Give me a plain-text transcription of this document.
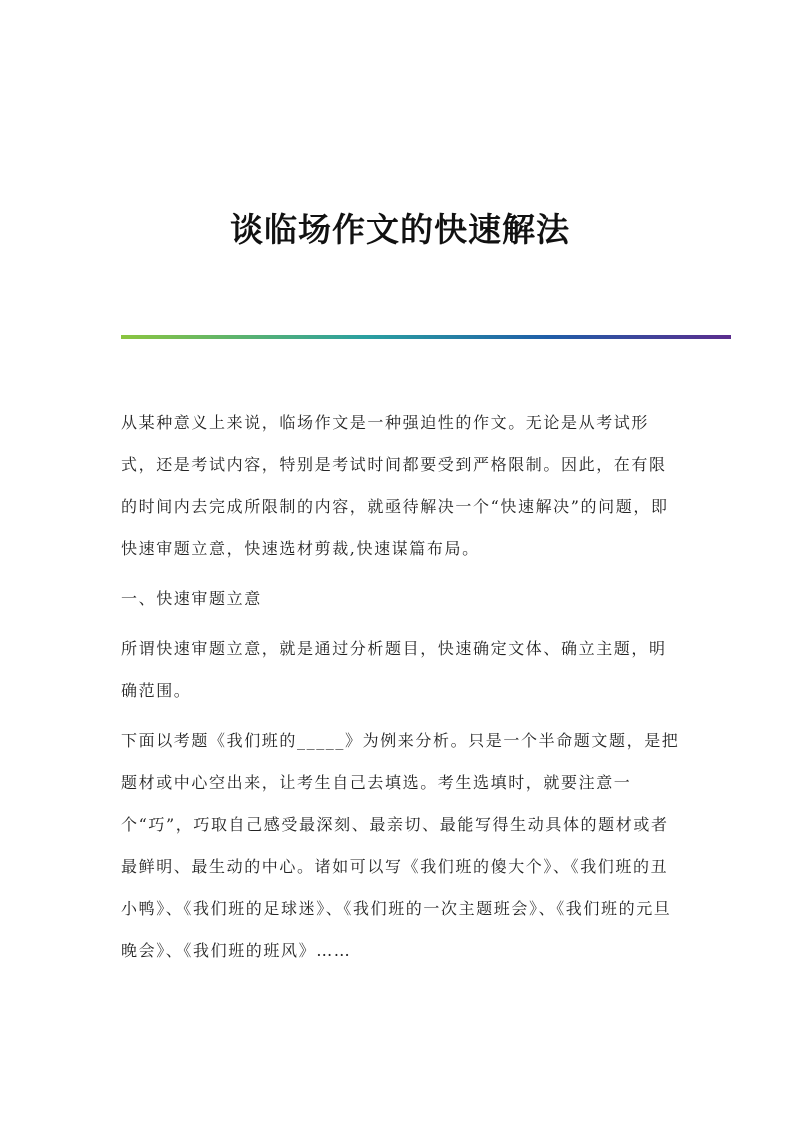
谈临场作文的快速解法

从某种意义上来说，临场作文是一种强迫性的作文。无论是从考试形式，还是考试内容，特别是考试时间都要受到严格限制。因此，在有限的时间内去完成所限制的内容，就亟待解决一个“快速解决”的问题，即快速审题立意，快速选材剪裁,快速谋篇布局。

一、快速审题立意

所谓快速审题立意，就是通过分析题目，快速确定文体、确立主题，明确范围。

下面以考题《我们班的_____》为例来分析。只是一个半命题文题，是把题材或中心空出来，让考生自己去填选。考生选填时，就要注意一个“巧”，巧取自己感受最深刻、最亲切、最能写得生动具体的题材或者最鲜明、最生动的中心。诸如可以写《我们班的傻大个》、《我们班的丑小鸭》、《我们班的足球迷》、《我们班的一次主题班会》、《我们班的元旦晚会》、《我们班的班风》……
